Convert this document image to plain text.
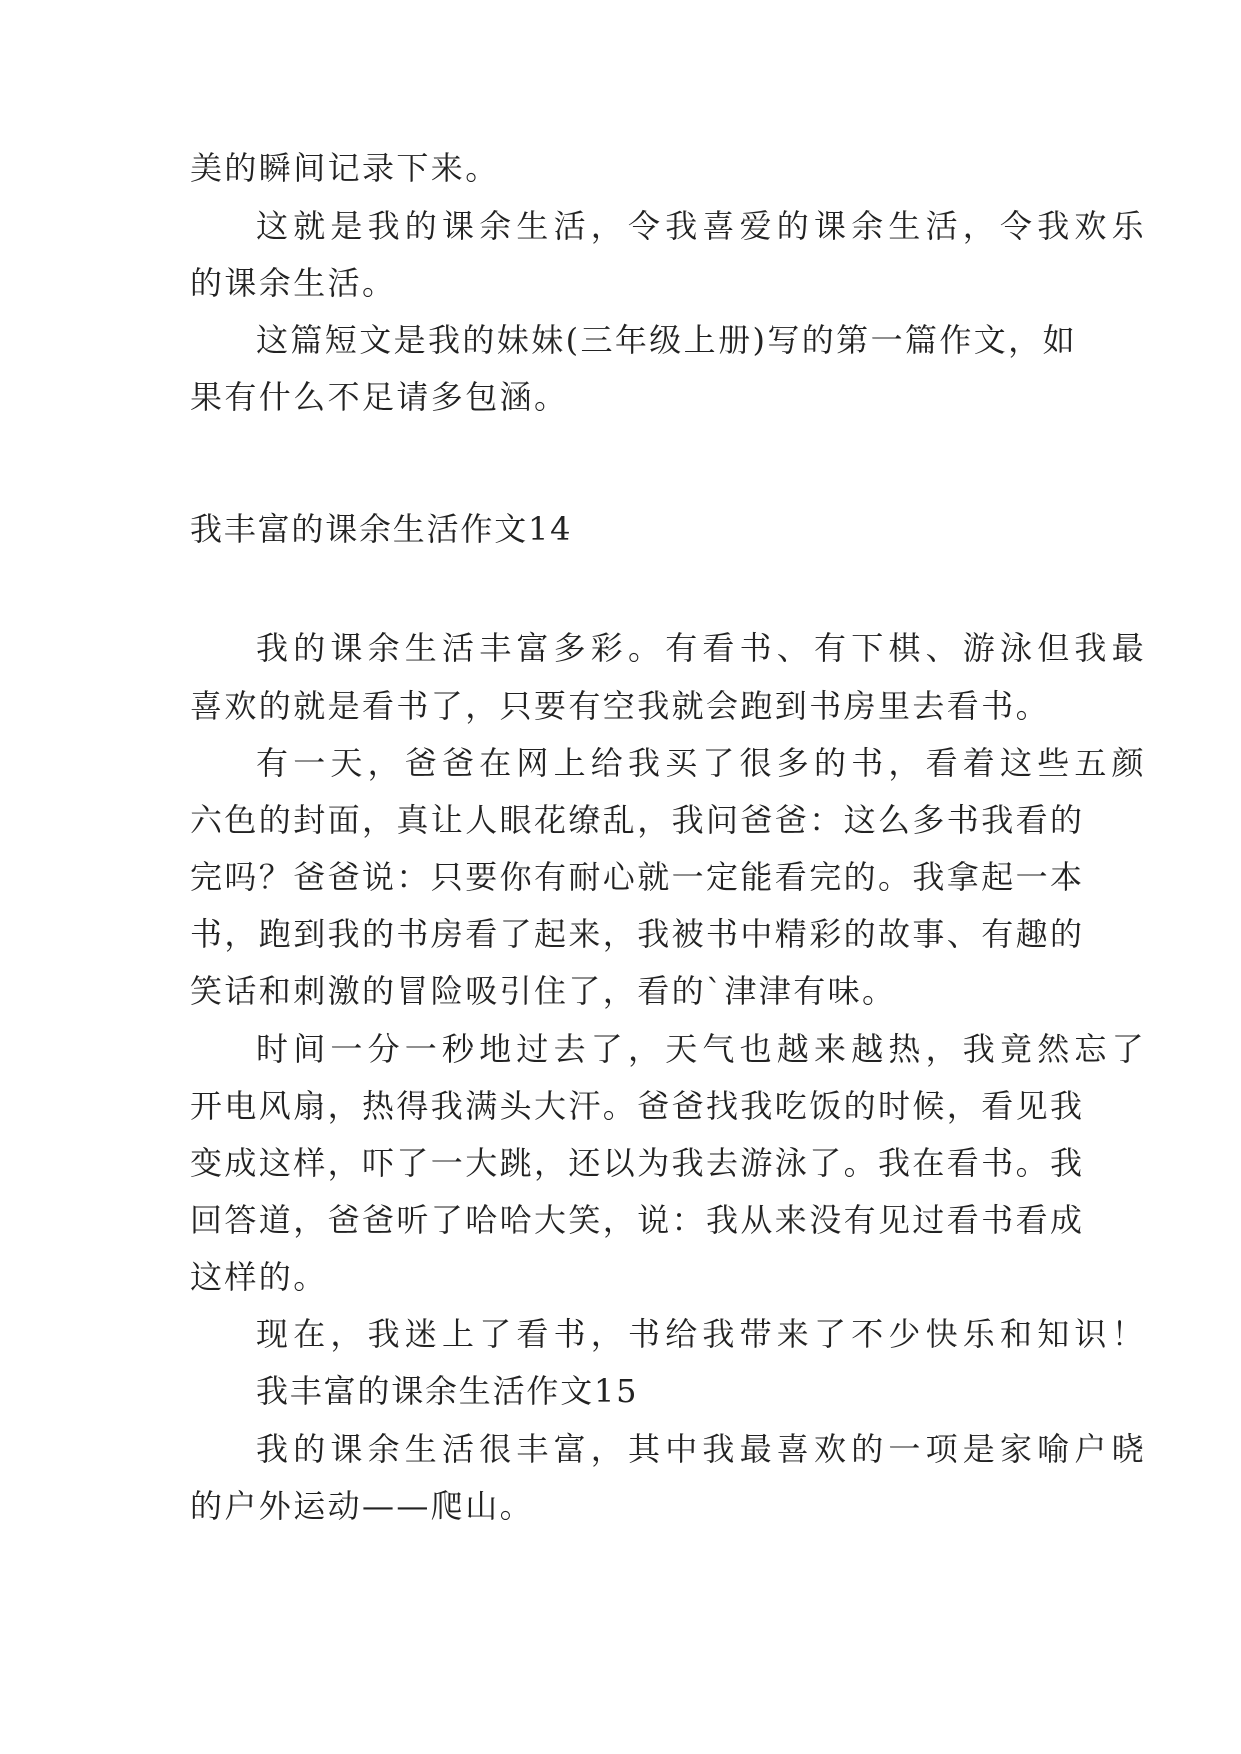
美的瞬间记录下来。
这就是我的课余生活，令我喜爱的课余生活，令我欢乐
的课余生活。
这篇短文是我的妹妹(三年级上册)写的第一篇作文，如
果有什么不足请多包涵。
我丰富的课余生活作文14
我的课余生活丰富多彩。有看书、有下棋、游泳但我最
喜欢的就是看书了，只要有空我就会跑到书房里去看书。
有一天，爸爸在网上给我买了很多的书，看着这些五颜
六色的封面，真让人眼花缭乱，我问爸爸：这么多书我看的
完吗？爸爸说：只要你有耐心就一定能看完的。我拿起一本
书，跑到我的书房看了起来，我被书中精彩的故事、有趣的
笑话和刺激的冒险吸引住了，看的`津津有味。
时间一分一秒地过去了，天气也越来越热，我竟然忘了
开电风扇，热得我满头大汗。爸爸找我吃饭的时候，看见我
变成这样，吓了一大跳，还以为我去游泳了。我在看书。我
回答道，爸爸听了哈哈大笑，说：我从来没有见过看书看成
这样的。
现在，我迷上了看书，书给我带来了不少快乐和知识！
我丰富的课余生活作文15
我的课余生活很丰富，其中我最喜欢的一项是家喻户晓
的户外运动——爬山。
